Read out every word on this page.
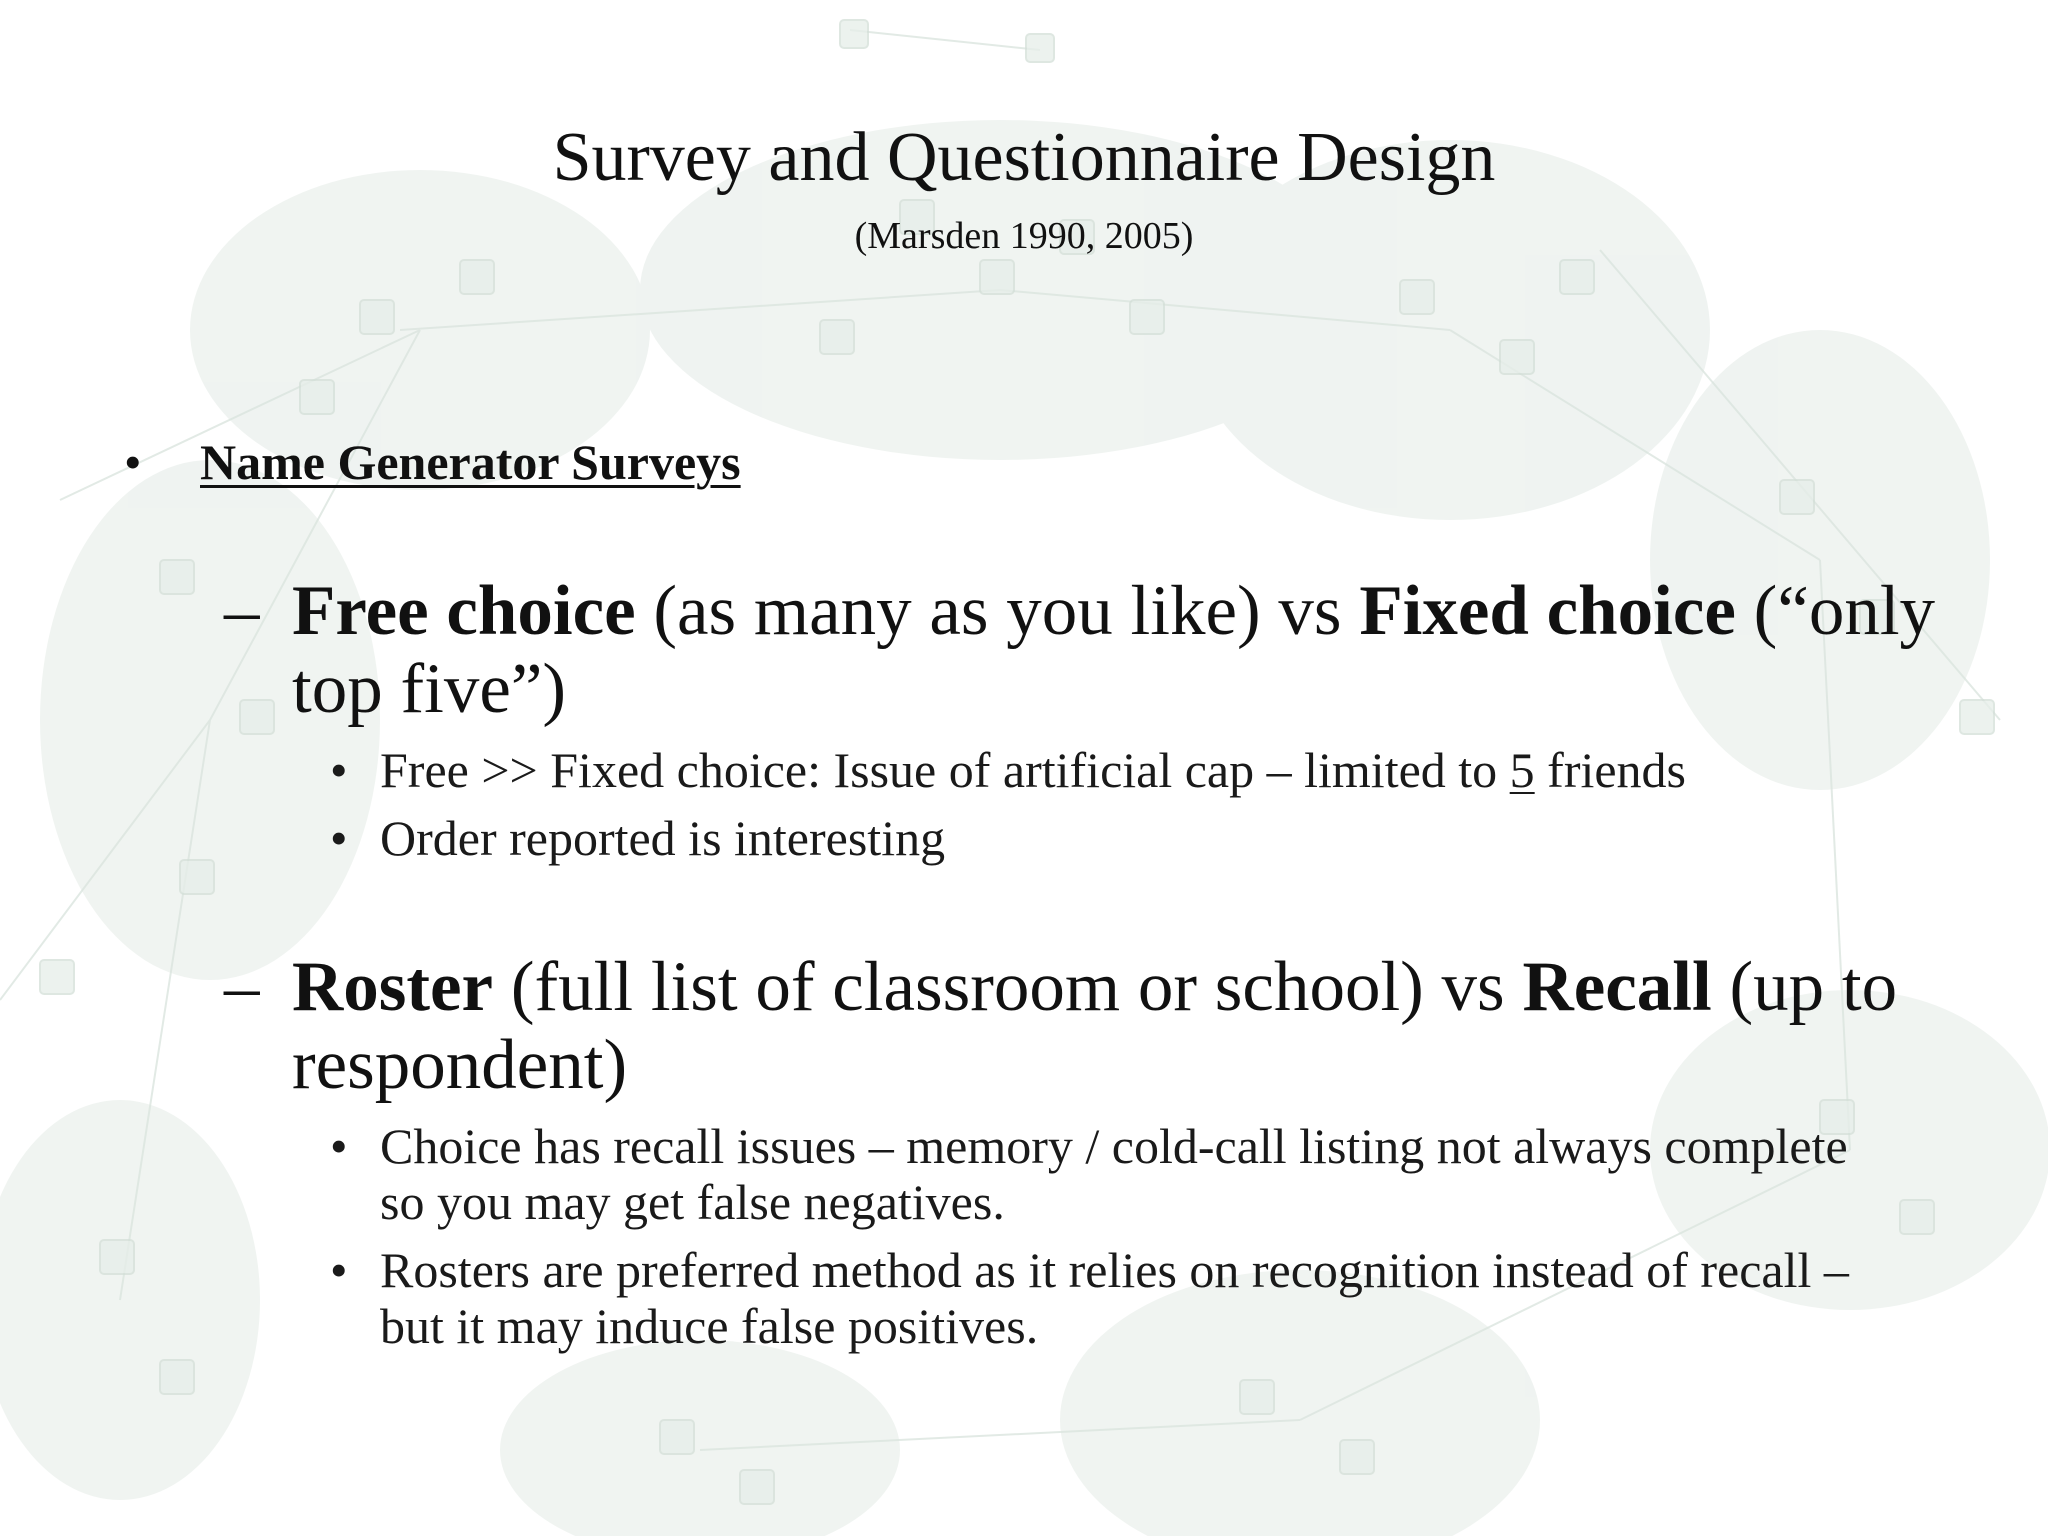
Survey and Questionnaire Design
(Marsden 1990, 2005)
• Name Generator Surveys
– Free choice (as many as you like) vs Fixed choice (“only top five”)
• Free >> Fixed choice: Issue of artificial cap – limited to 5 friends
• Order reported is interesting
– Roster (full list of classroom or school) vs Recall (up to respondent)
• Choice has recall issues – memory / cold-call listing not always complete so you may get false negatives.
• Rosters are preferred method as it relies on recognition instead of recall – but it may induce false positives.
